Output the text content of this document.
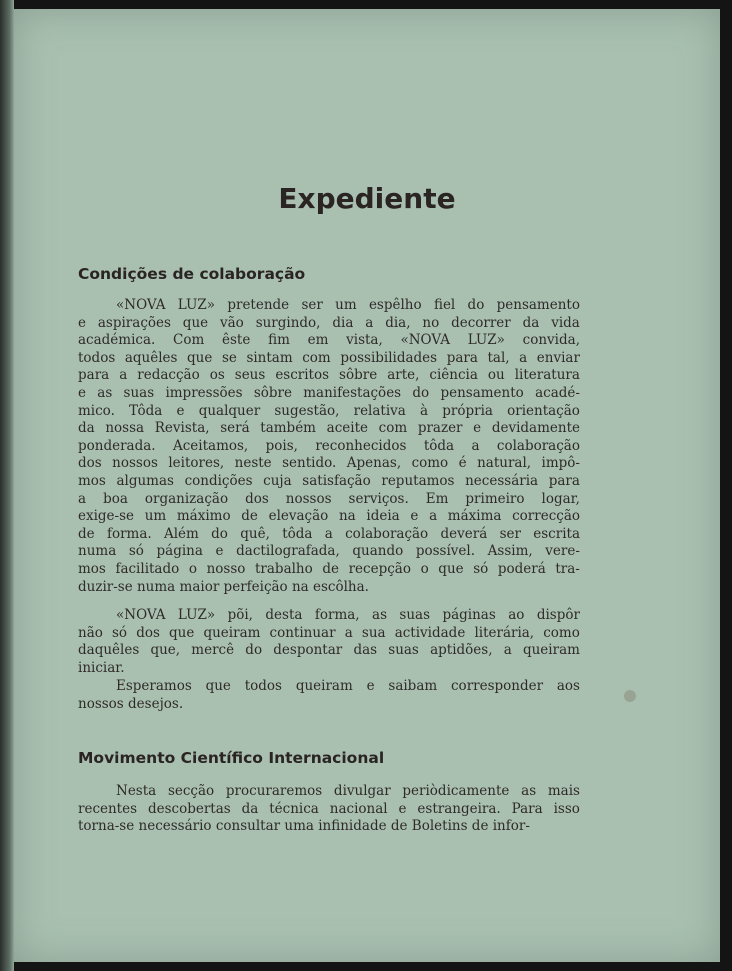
Expediente
Condições de colaboração
«NOVA LUZ» pretende ser um espêlho fiel do pensamento
e aspirações que vão surgindo, dia a dia, no decorrer da vida
académica. Com êste fim em vista, «NOVA LUZ» convida,
todos aquêles que se sintam com possibilidades para tal, a enviar
para a redacção os seus escritos sôbre arte, ciência ou literatura
e as suas impressões sôbre manifestações do pensamento acadé-
mico. Tôda e qualquer sugestão, relativa à própria orientação
da nossa Revista, será também aceite com prazer e devidamente
ponderada. Aceitamos, pois, reconhecidos tôda a colaboração
dos nossos leitores, neste sentido. Apenas, como é natural, impô-
mos algumas condições cuja satisfação reputamos necessária para
a boa organização dos nossos serviços. Em primeiro logar,
exige-se um máximo de elevação na ideia e a máxima correcção
de forma. Além do quê, tôda a colaboração deverá ser escrita
numa só página e dactilografada, quando possível. Assim, vere-
mos facilitado o nosso trabalho de recepção o que só poderá tra-
duzir-se numa maior perfeição na escôlha.
«NOVA LUZ» põi, desta forma, as suas páginas ao dispôr
não só dos que queiram continuar a sua actividade literária, como
daquêles que, mercê do despontar das suas aptidões, a queiram
iniciar.
Esperamos que todos queiram e saibam corresponder aos
nossos desejos.
Movimento Científico Internacional
Nesta secção procuraremos divulgar periòdicamente as mais
recentes descobertas da técnica nacional e estrangeira. Para isso
torna-se necessário consultar uma infinidade de Boletins de infor-
